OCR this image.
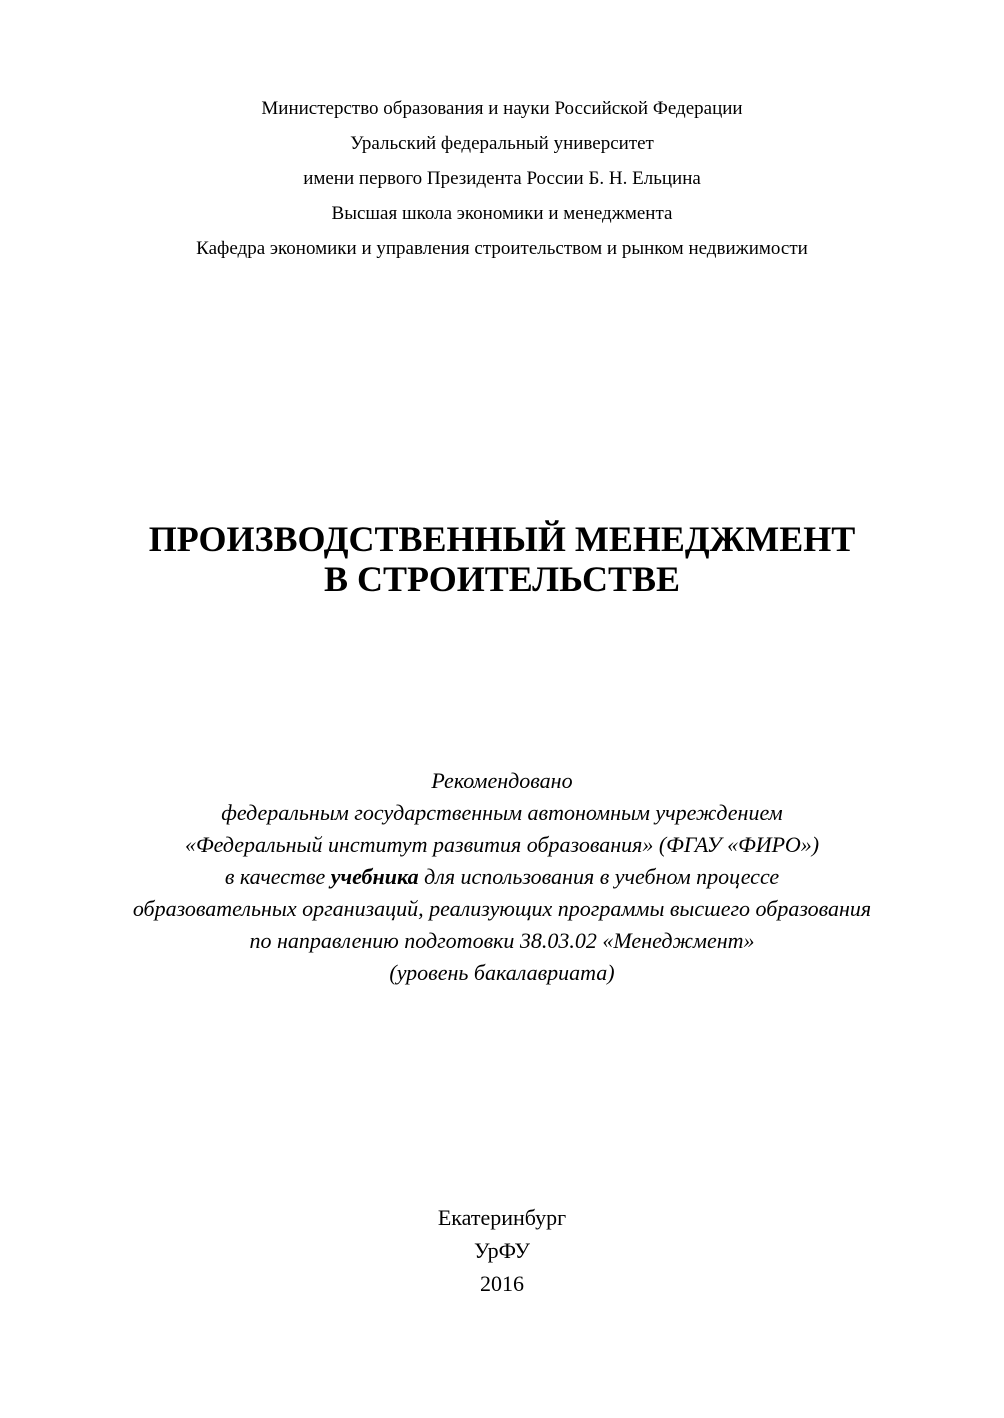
Министерство образования и науки Российской Федерации
Уральский федеральный университет
имени первого Президента России Б. Н. Ельцина
Высшая школа экономики и менеджмента
Кафедра экономики и управления строительством и рынком недвижимости
ПРОИЗВОДСТВЕННЫЙ МЕНЕДЖМЕНТ
В СТРОИТЕЛЬСТВЕ
Рекомендовано
федеральным государственным автономным учреждением
«Федеральный институт развития образования» (ФГАУ «ФИРО»)
в качестве учебника для использования в учебном процессе
образовательных организаций, реализующих программы высшего образования
по направлению подготовки 38.03.02 «Менеджмент»
(уровень бакалавриата)
Екатеринбург
УрФУ
2016
